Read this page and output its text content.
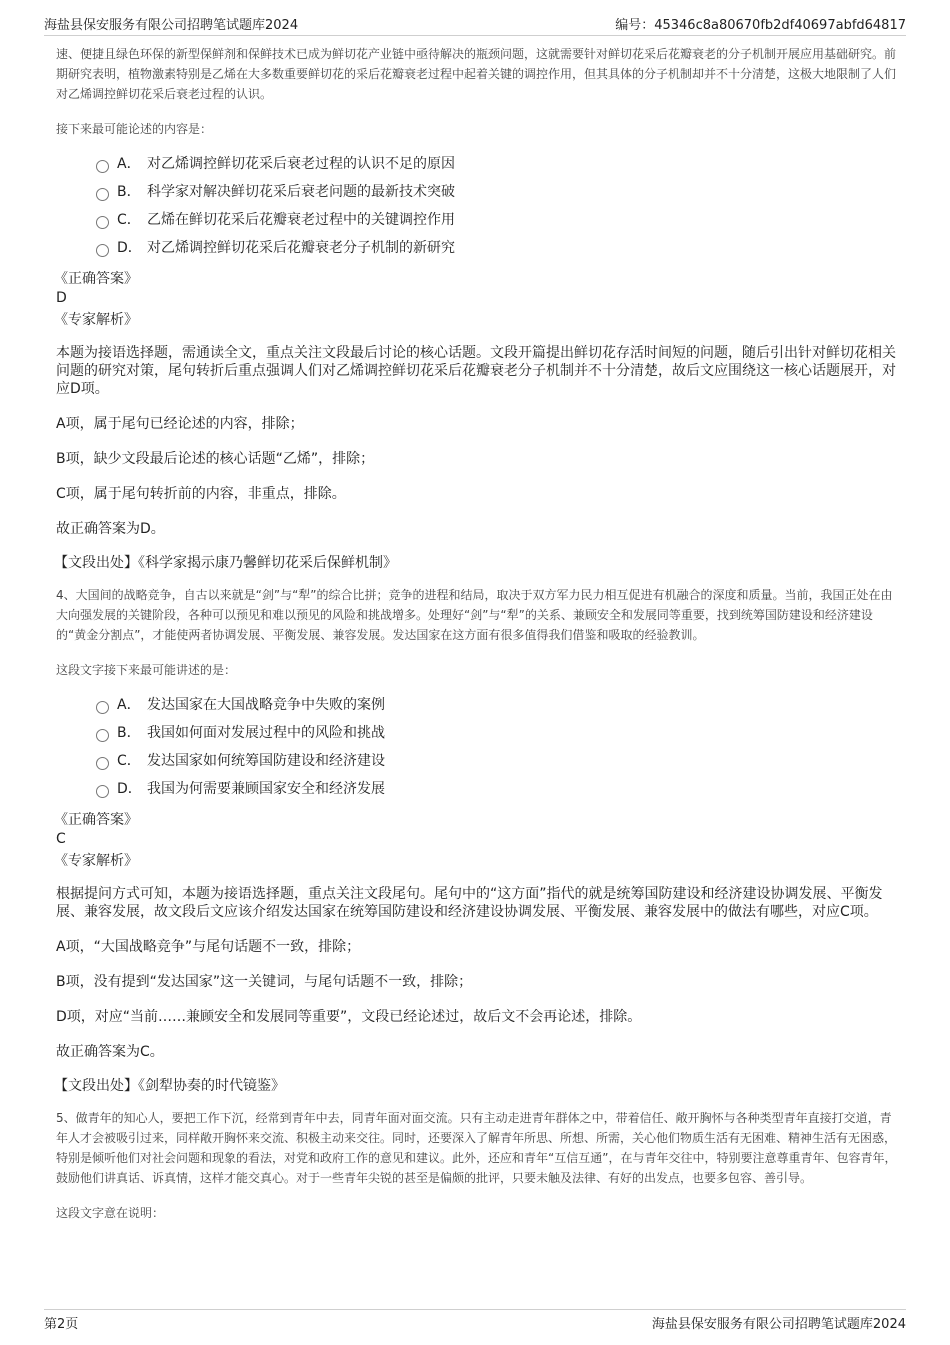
海盐县保安服务有限公司招聘笔试题库2024	编号：45346c8a80670fb2df40697abfd64817

速、便捷且绿色环保的新型保鲜剂和保鲜技术已成为鲜切花产业链中亟待解决的瓶颈问题，这就需要针对鲜切花采后花瓣衰老的分子机制开展应用基础研究。前期研究表明，植物激素特别是乙烯在大多数重要鲜切花的采后花瓣衰老过程中起着关键的调控作用，但其具体的分子机制却并不十分清楚，这极大地限制了人们对乙烯调控鲜切花采后衰老过程的认识。

接下来最可能论述的内容是：

A． 对乙烯调控鲜切花采后衰老过程的认识不足的原因
B． 科学家对解决鲜切花采后衰老问题的最新技术突破
C． 乙烯在鲜切花采后花瓣衰老过程中的关键调控作用
D． 对乙烯调控鲜切花采后花瓣衰老分子机制的新研究

《正确答案》

D

《专家解析》

本题为接语选择题，需通读全文，重点关注文段最后讨论的核心话题。文段开篇提出鲜切花存活时间短的问题，随后引出针对鲜切花相关问题的研究对策，尾句转折后重点强调人们对乙烯调控鲜切花采后花瓣衰老分子机制并不十分清楚，故后文应围绕这一核心话题展开，对应D项。

A项，属于尾句已经论述的内容，排除；

B项，缺少文段最后论述的核心话题“乙烯”，排除；

C项，属于尾句转折前的内容，非重点，排除。

故正确答案为D。

【文段出处】《科学家揭示康乃馨鲜切花采后保鲜机制》

4、大国间的战略竞争，自古以来就是“剑”与“犁”的综合比拼；竞争的进程和结局，取决于双方军力民力相互促进有机融合的深度和质量。当前，我国正处在由大向强发展的关键阶段，各种可以预见和难以预见的风险和挑战增多。处理好“剑”与“犁”的关系、兼顾安全和发展同等重要，找到统筹国防建设和经济建设的“黄金分割点”，才能使两者协调发展、平衡发展、兼容发展。发达国家在这方面有很多值得我们借鉴和吸取的经验教训。

这段文字接下来最可能讲述的是：

A． 发达国家在大国战略竞争中失败的案例
B． 我国如何面对发展过程中的风险和挑战
C． 发达国家如何统筹国防建设和经济建设
D． 我国为何需要兼顾国家安全和经济发展

《正确答案》

C

《专家解析》

根据提问方式可知，本题为接语选择题，重点关注文段尾句。尾句中的“这方面”指代的就是统筹国防建设和经济建设协调发展、平衡发展、兼容发展，故文段后文应该介绍发达国家在统筹国防建设和经济建设协调发展、平衡发展、兼容发展中的做法有哪些，对应C项。

A项，“大国战略竞争”与尾句话题不一致，排除；

B项，没有提到“发达国家”这一关键词，与尾句话题不一致，排除；

D项，对应“当前……兼顾安全和发展同等重要”，文段已经论述过，故后文不会再论述，排除。

故正确答案为C。

【文段出处】《剑犁协奏的时代镜鉴》

5、做青年的知心人，要把工作下沉，经常到青年中去，同青年面对面交流。只有主动走进青年群体之中，带着信任、敞开胸怀与各种类型青年直接打交道，青年人才会被吸引过来，同样敞开胸怀来交流、积极主动来交往。同时，还要深入了解青年所思、所想、所需，关心他们物质生活有无困难、精神生活有无困惑，特别是倾听他们对社会问题和现象的看法，对党和政府工作的意见和建议。此外，还应和青年“互信互通”，在与青年交往中，特别要注意尊重青年、包容青年，鼓励他们讲真话、诉真情，这样才能交真心。对于一些青年尖锐的甚至是偏颇的批评，只要未触及法律、有好的出发点，也要多包容、善引导。

这段文字意在说明：

第2页	海盐县保安服务有限公司招聘笔试题库2024
